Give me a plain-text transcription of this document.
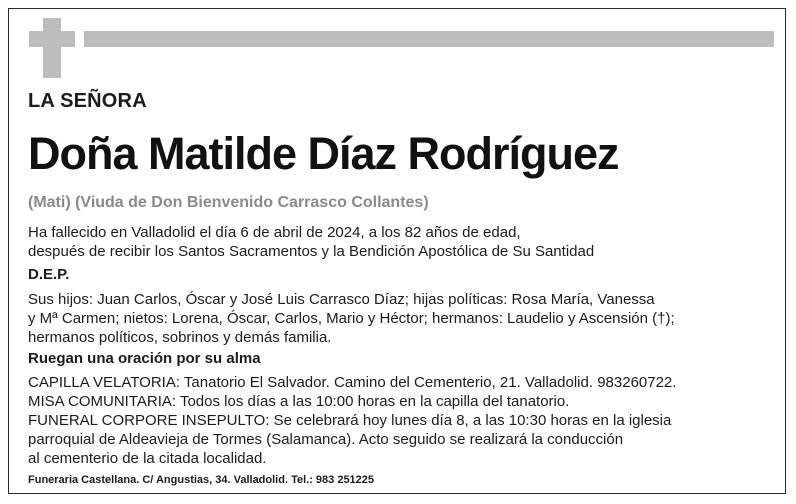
LA SEÑORA
Doña Matilde Díaz Rodríguez
(Mati) (Viuda de Don Bienvenido Carrasco Collantes)
Ha fallecido en Valladolid el día 6 de abril de 2024, a los 82 años de edad,
después de recibir los Santos Sacramentos y la Bendición Apostólica de Su Santidad
D.E.P.
Sus hijos: Juan Carlos, Óscar y José Luis Carrasco Díaz; hijas políticas: Rosa María, Vanessa
y Mª Carmen; nietos: Lorena, Óscar, Carlos, Mario y Héctor; hermanos: Laudelio y Ascensión (†);
hermanos políticos, sobrinos y demás familia.
Ruegan una oración por su alma
CAPILLA VELATORIA: Tanatorio El Salvador. Camino del Cementerio, 21. Valladolid. 983260722.
MISA COMUNITARIA: Todos los días a las 10:00 horas en la capilla del tanatorio.
FUNERAL CORPORE INSEPULTO: Se celebrará hoy lunes día 8, a las 10:30 horas en la iglesia
parroquial de Aldeavieja de Tormes (Salamanca). Acto seguido se realizará la conducción
al cementerio de la citada localidad.
Funeraria Castellana. C/ Angustias, 34. Valladolid. Tel.: 983 251225
